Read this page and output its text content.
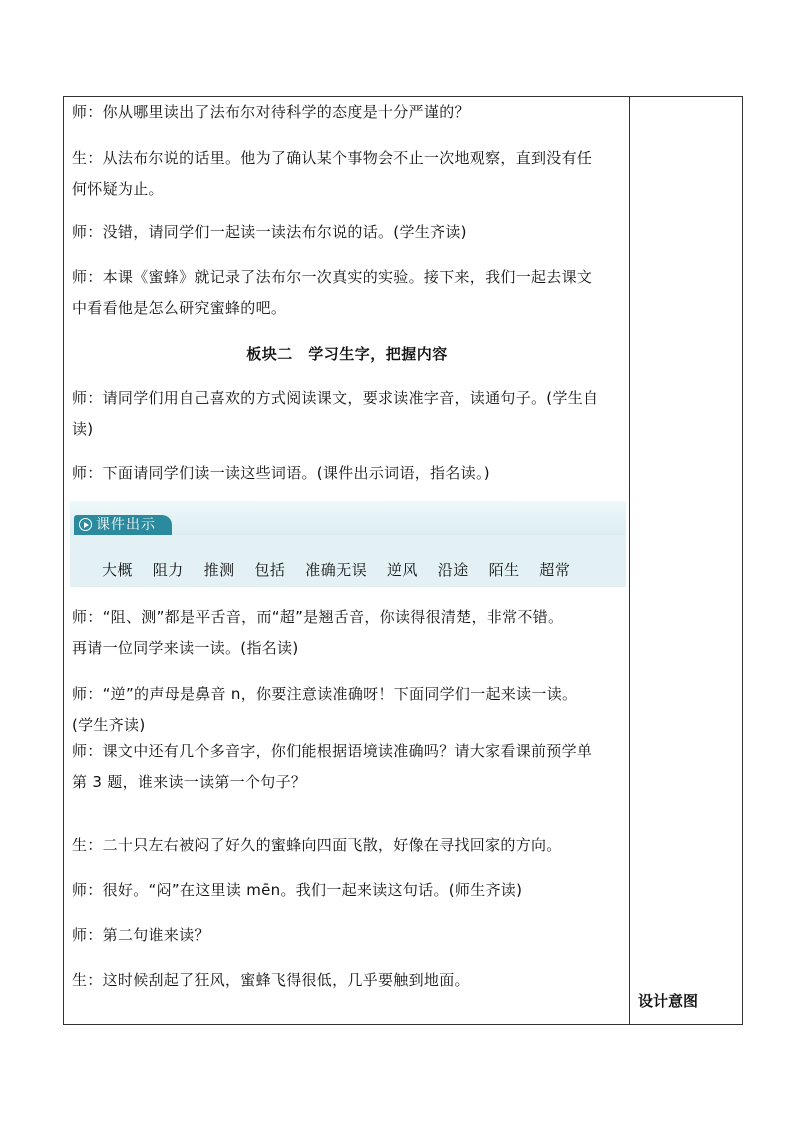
师：你从哪里读出了法布尔对待科学的态度是十分严谨的？
生：从法布尔说的话里。他为了确认某个事物会不止一次地观察，直到没有任
何怀疑为止。
师：没错，请同学们一起读一读法布尔说的话。(学生齐读)
师：本课《蜜蜂》就记录了法布尔一次真实的实验。接下来，我们一起去课文
中看看他是怎么研究蜜蜂的吧。
板块二　学习生字，把握内容
师：请同学们用自己喜欢的方式阅读课文，要求读准字音，读通句子。(学生自
读)
师：下面请同学们读一读这些词语。(课件出示词语，指名读。)
课件出示
大概 阻力 推测 包括 准确无误 逆风 沿途 陌生 超常
师：“阻、测”都是平舌音，而“超”是翘舌音，你读得很清楚，非常不错。
再请一位同学来读一读。(指名读)
师：“逆”的声母是鼻音 n，你要注意读准确呀！下面同学们一起来读一读。
(学生齐读)
师：课文中还有几个多音字，你们能根据语境读准确吗？请大家看课前预学单
第 3 题，谁来读一读第一个句子？
生：二十只左右被闷了好久的蜜蜂向四面飞散，好像在寻找回家的方向。
师：很好。“闷”在这里读 mēn。我们一起来读这句话。(师生齐读)
师：第二句谁来读？
生：这时候刮起了狂风，蜜蜂飞得很低，几乎要触到地面。
设计意图
